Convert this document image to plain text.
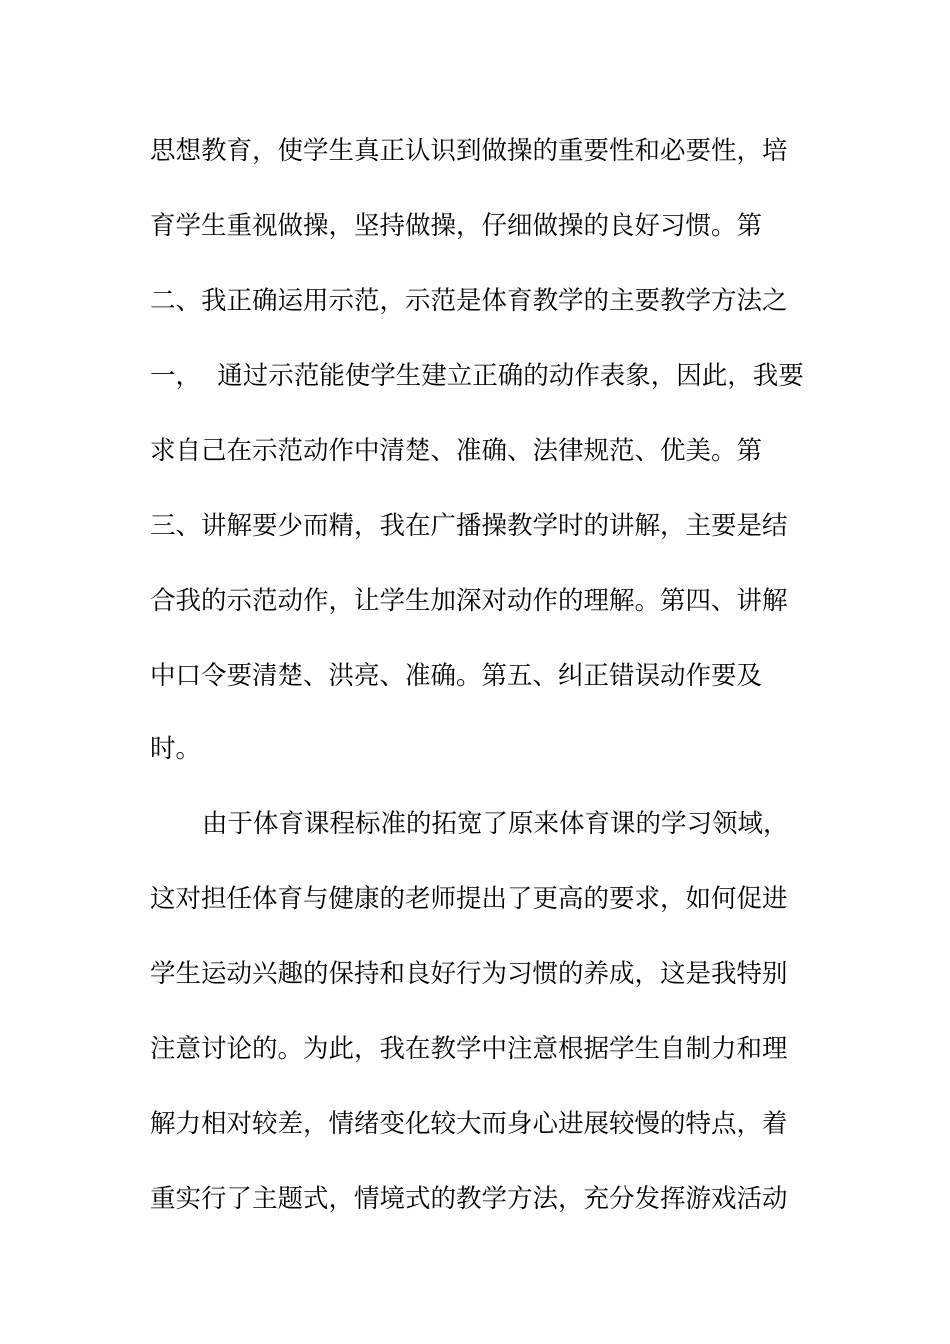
思想教育，使学生真正认识到做操的重要性和必要性，培
育学生重视做操，坚持做操，仔细做操的良好习惯。第
二、我正确运用示范，示范是体育教学的主要教学方法之
一，  通过示范能使学生建立正确的动作表象，因此，我要
求自己在示范动作中清楚、准确、法律规范、优美。第
三、讲解要少而精，我在广播操教学时的讲解，主要是结
合我的示范动作，让学生加深对动作的理解。第四、讲解
中口令要清楚、洪亮、准确。第五、纠正错误动作要及
时。
由于体育课程标准的拓宽了原来体育课的学习领域，
这对担任体育与健康的老师提出了更高的要求，如何促进
学生运动兴趣的保持和良好行为习惯的养成，这是我特别
注意讨论的。为此，我在教学中注意根据学生自制力和理
解力相对较差，情绪变化较大而身心进展较慢的特点，着
重实行了主题式，情境式的教学方法，充分发挥游戏活动
